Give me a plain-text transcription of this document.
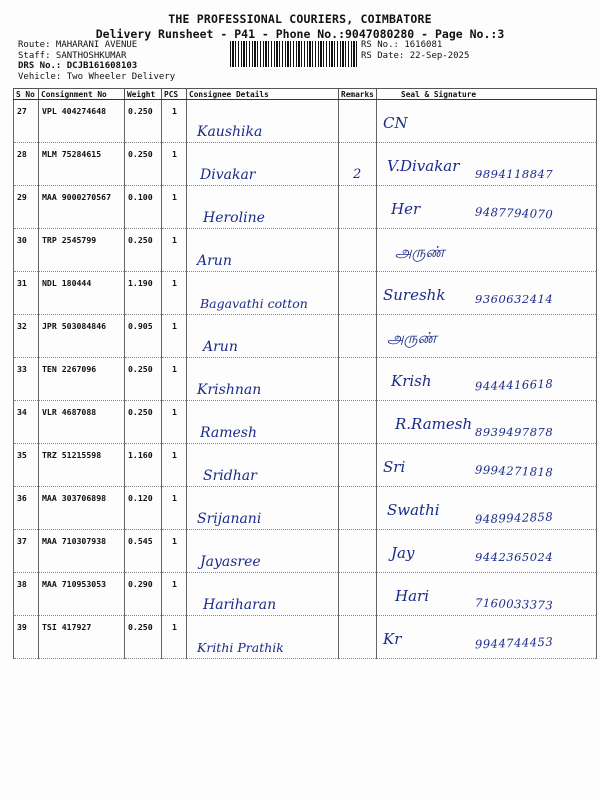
THE PROFESSIONAL COURIERS, COIMBATORE
Delivery Runsheet - P41 - Phone No.:9047080280 - Page No.:3
Route: MAHARANI AVENUE
Staff: SANTHOSHKUMAR
DRS No.: DCJB161608103
Vehicle: Two Wheeler Delivery
RS No.: 1616081
RS Date: 22-Sep-2025
S No	Consignment No	Weight	PCS	Consignee Details	Remarks	Seal & Signature

27	VPL 404274648	0.250	1	Kaushika		CN

28	MLM 75284615	0.250	1	Divakar	2	V.Divakar 9894118847

29	MAA 9000270567	0.100	1	Heroline		Her 9487794070

30	TRP 2545799	0.250	1	Arun		அருண்

31	NDL 180444	1.190	1	Bagavathi cotton		Sureshk 9360632414

32	JPR 503084846	0.905	1	Arun		அருண்

33	TEN 2267096	0.250	1	Krishnan		Krish 9444416618

34	VLR 4687088	0.250	1	Ramesh		R.Ramesh 8939497878

35	TRZ 51215598	1.160	1	Sridhar		Sri 9994271818

36	MAA 303706898	0.120	1	Srijanani		Swathi 9489942858

37	MAA 710307938	0.545	1	Jayasree		Jay 9442365024

38	MAA 710953053	0.290	1	Hariharan		Hari 7160033373

39	TSI 417927	0.250	1	Krithi Prathik		Kr 9944744453
